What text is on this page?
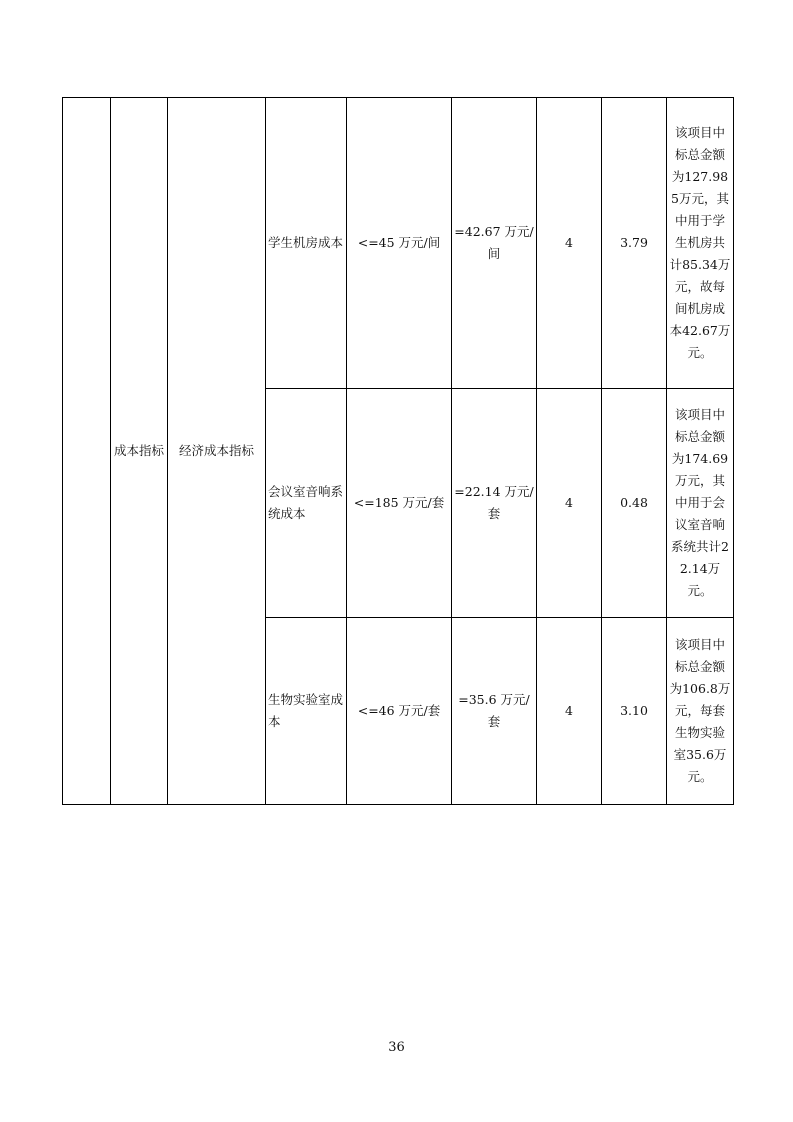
	成本指标	经济成本指标	学生机房成本	<=45 万元/间	=42.67 万元/间	4	3.79	该项目中标总金额为127.985万元，其中用于学生机房共计85.34万元，故每间机房成本42.67万元。
			会议室音响系统成本	<=185 万元/套	=22.14 万元/套	4	0.48	该项目中标总金额为174.69万元，其中用于会议室音响系统共计22.14万元。
			生物实验室成本	<=46 万元/套	=35.6 万元/套	4	3.10	该项目中标总金额为106.8万元，每套生物实验室35.6万元。
36
